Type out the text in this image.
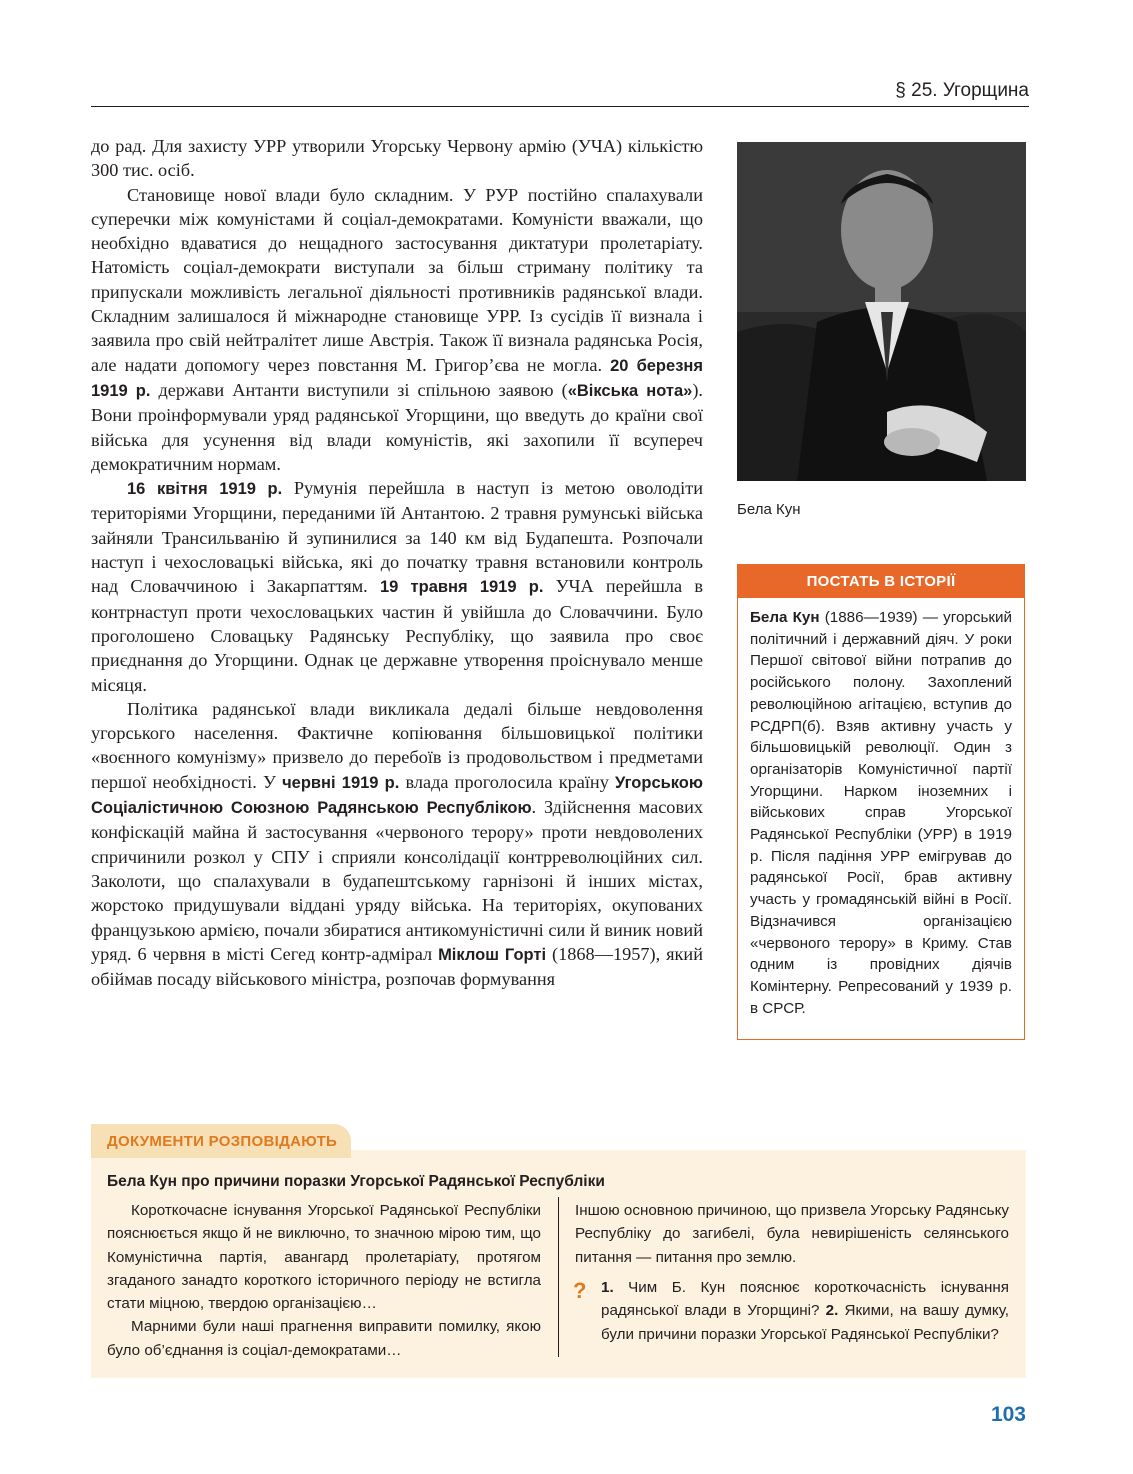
§ 25. Угорщина

до рад. Для захисту УРР утворили Угорську Червону армію (УЧА) кількістю 300 тис. осіб.

Становище нової влади було складним. У РУР постійно спалахували суперечки між комуністами й соціал-демократами. Комуністи вважали, що необхідно вдаватися до нещадного застосування диктатури пролетаріату. Натомість соціал-демократи виступали за більш стриману політику та припускали можливість легальної діяльності противників радянської влади. Складним залишалося й міжнародне становище УРР. Із сусідів її визнала і заявила про свій нейтралітет лише Австрія. Також її визнала радянська Росія, але надати допомогу через повстання М. Григор’єва не могла. 20 березня 1919 р. держави Антанти виступили зі спільною заявою («Вікська нота»). Вони проінформували уряд радянської Угорщини, що введуть до країни свої війська для усунення від влади комуністів, які захопили її всупереч демократичним нормам.

16 квітня 1919 р. Румунія перейшла в наступ із метою оволодіти територіями Угорщини, переданими їй Антантою. 2 травня румунські війська зайняли Трансильванію й зупинилися за 140 км від Будапешта. Розпочали наступ і чехословацькі війська, які до початку травня встановили контроль над Словаччиною і Закарпаттям. 19 травня 1919 р. УЧА перейшла в контрнаступ проти чехословацьких частин й увійшла до Словаччини. Було проголошено Словацьку Радянську Республіку, що заявила про своє приєднання до Угорщини. Однак це державне утворення проіснувало менше місяця.

Політика радянської влади викликала дедалі більше невдоволення угорського населення. Фактичне копіювання більшовицької політики «воєнного комунізму» призвело до перебоїв із продовольством і предметами першої необхідності. У червні 1919 р. влада проголосила країну Угорською Соціалістичною Союзною Радянською Республікою. Здійснення масових конфіскацій майна й застосування «червоного терору» проти невдоволених спричинили розкол у СПУ і сприяли консолідації контрреволюційних сил. Заколоти, що спалахували в будапештському гарнізоні й інших містах, жорстоко придушували віддані уряду війська. На територіях, окупованих французькою армією, почали збиратися антикомуністичні сили й виник новий уряд. 6 червня в місті Сегед контр-адмірал Міклош Горті (1868—1957), який обіймав посаду військового міністра, розпочав формування

Бела Кун
ПОСТАТЬ В ІСТОРІЇ
Бела Кун (1886—1939) — угорський політичний і державний діяч. У роки Першої світової війни потрапив до російського полону. Захоплений революційною агітацією, вступив до РСДРП(б). Взяв активну участь у більшовицькій революції. Один з організаторів Комуністичної партії Угорщини. Нарком іноземних і військових справ Угорської Радянської Республіки (УРР) в 1919 р. Після падіння УРР емігрував до радянської Росії, брав активну участь у громадянській війні в Росії. Відзначився організацією «червоного терору» в Криму. Став одним із провідних діячів Комінтерну. Репресований у 1939 р. в СРСР.
ДОКУМЕНТИ РОЗПОВІДАЮТЬ
Бела Кун про причини поразки Угорської Радянської Республіки

Короткочасне існування Угорської Радянської Республіки пояснюється якщо й не виключно, то значною мірою тим, що Комуністична партія, авангард пролетаріату, протягом згаданого занадто короткого історичного періоду не встигла стати міцною, твердою організацією…

Марними були наші прагнення виправити помилку, якою було об’єднання із соціал-демократами…

Іншою основною причиною, що призвела Угорську Радянську Республіку до загибелі, була невирішеність селянського питання — питання про землю.

? 1. Чим Б. Кун пояснює короткочасність існування радянської влади в Угорщині? 2. Якими, на вашу думку, були причини поразки Угорської Радянської Республіки?
103
